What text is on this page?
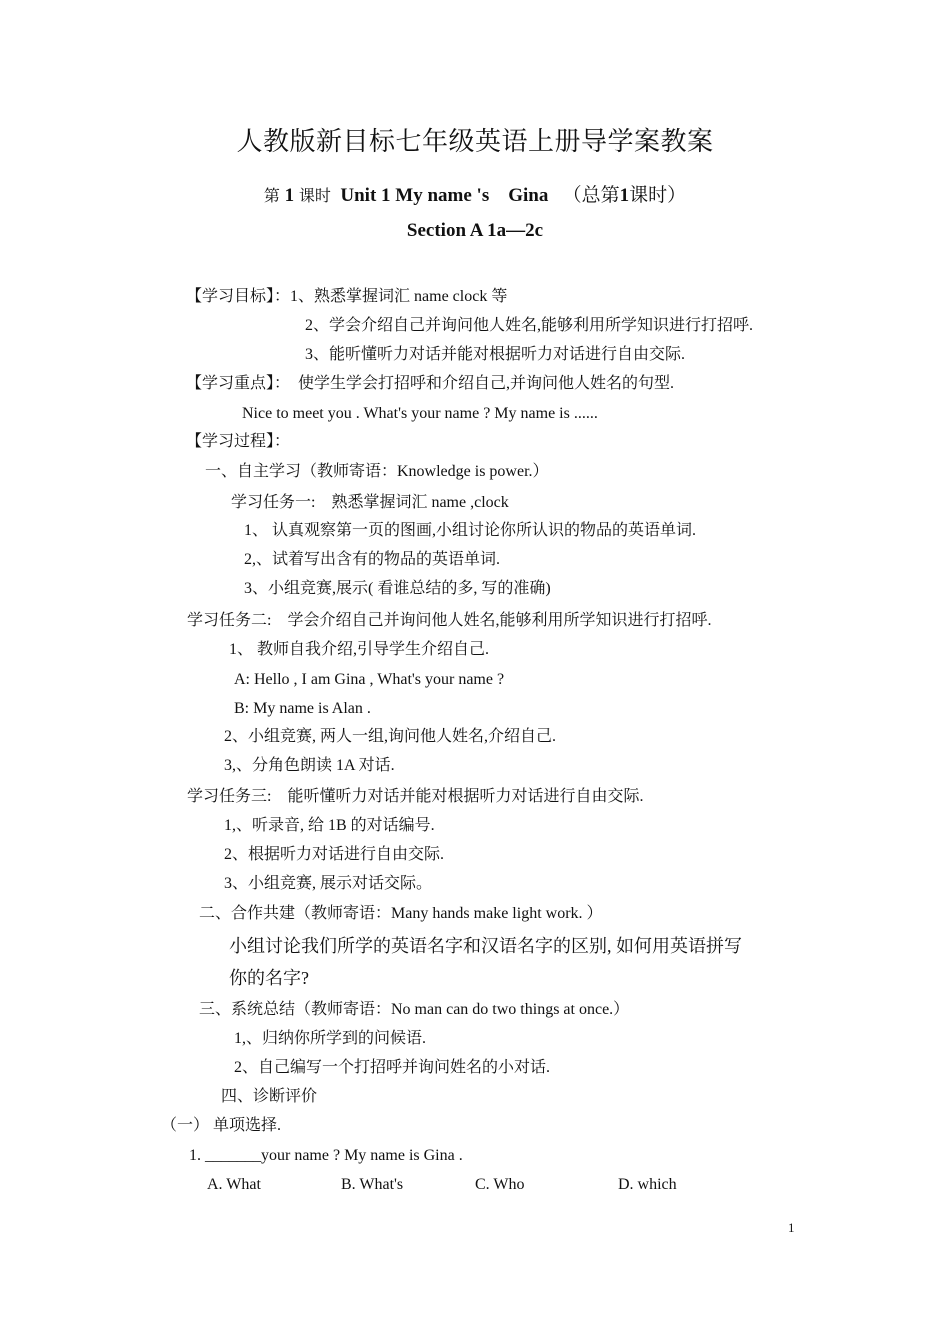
人教版新目标七年级英语上册导学案教案
第 1 课时 Unit 1 My name 's　Gina （总第1课时）
Section A 1a—2c
【学习目标】：1、熟悉掌握词汇 name clock 等
2、学会介绍自己并询问他人姓名,能够利用所学知识进行打招呼.
3、能听懂听力对话并能对根据听力对话进行自由交际.
【学习重点】： 使学生学会打招呼和介绍自己,并询问他人姓名的句型.
Nice to meet you . What's your name ? My name is ......
【学习过程】：
一、自主学习（教师寄语：Knowledge is power.）
学习任务一:　熟悉掌握词汇 name ,clock
1、 认真观察第一页的图画,小组讨论你所认识的物品的英语单词.
2,、试着写出含有的物品的英语单词.
3、小组竞赛,展示( 看谁总结的多, 写的准确)
学习任务二:　学会介绍自己并询问他人姓名,能够利用所学知识进行打招呼.
1、 教师自我介绍,引导学生介绍自己.
A: Hello , I am Gina , What's your name ?
B: My name is Alan .
2、小组竞赛, 两人一组,询问他人姓名,介绍自己.
3,、分角色朗读 1A 对话.
学习任务三:　能听懂听力对话并能对根据听力对话进行自由交际.
1,、听录音, 给 1B 的对话编号.
2、根据听力对话进行自由交际.
3、小组竞赛, 展示对话交际。
二、合作共建（教师寄语：Many hands make light work. ）
小组讨论我们所学的英语名字和汉语名字的区别, 如何用英语拼写
你的名字?
三、系统总结（教师寄语：No man can do two things at once.）
1,、归纳你所学到的问候语.
2、自己编写一个打招呼并询问姓名的小对话.
四、诊断评价
（一） 单项选择.
1. _______your name ? My name is Gina .
A. What	B. What's	C. Who	D. which
1
